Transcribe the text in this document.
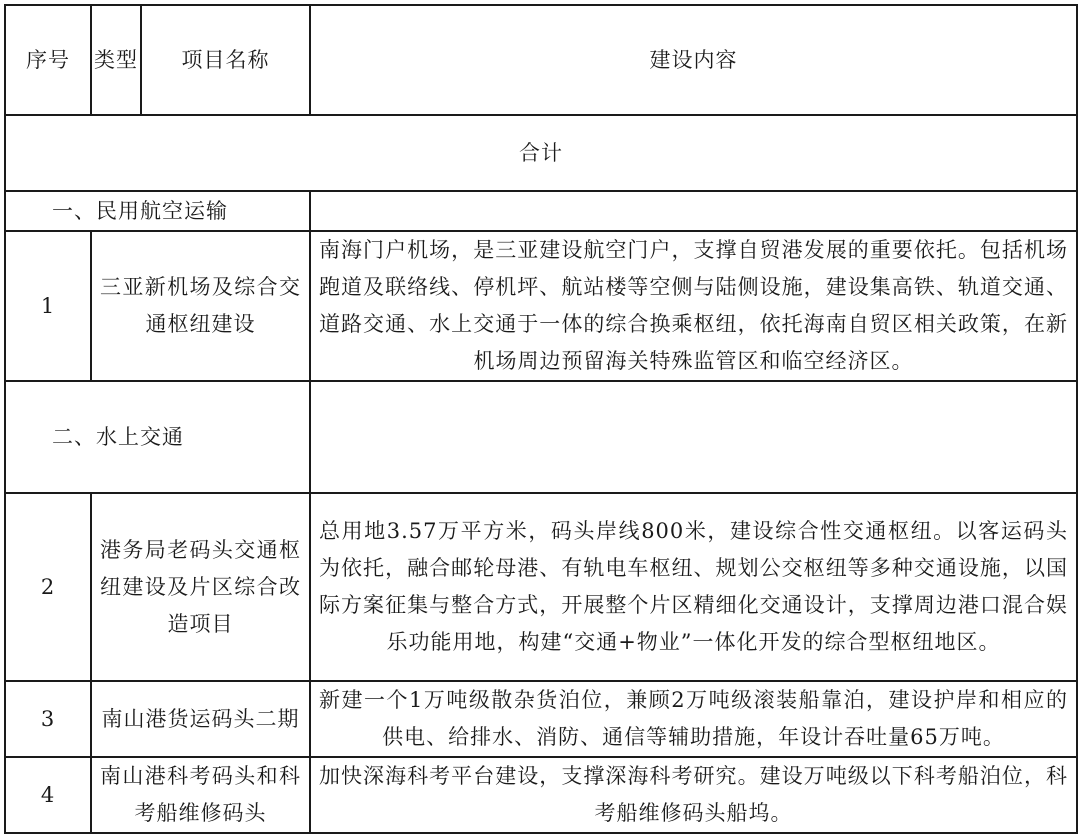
序号	类型	项目名称	建设内容
合计			
一、民用航空运输			
1	三亚新机场及综合交通枢纽建设		南海门户机场，是三亚建设航空门户，支撑自贸港发展的重要依托。包括机场跑道及联络线、停机坪、航站楼等空侧与陆侧设施，建设集高铁、轨道交通、道路交通、水上交通于一体的综合换乘枢纽，依托海南自贸区相关政策，在新机场周边预留海关特殊监管区和临空经济区。
二、水上交通			
2	港务局老码头交通枢纽建设及片区综合改造项目		总用地3.57万平方米，码头岸线800米，建设综合性交通枢纽。以客运码头为依托，融合邮轮母港、有轨电车枢纽、规划公交枢纽等多种交通设施，以国际方案征集与整合方式，开展整个片区精细化交通设计，支撑周边港口混合娱乐功能用地，构建“交通+物业”一体化开发的综合型枢纽地区。
3	南山港货运码头二期		新建一个1万吨级散杂货泊位，兼顾2万吨级滚装船靠泊，建设护岸和相应的供电、给排水、消防、通信等辅助措施，年设计吞吐量65万吨。
4	南山港科考码头和科考船维修码头		加快深海科考平台建设，支撑深海科考研究。建设万吨级以下科考船泊位，科考船维修码头船坞。
